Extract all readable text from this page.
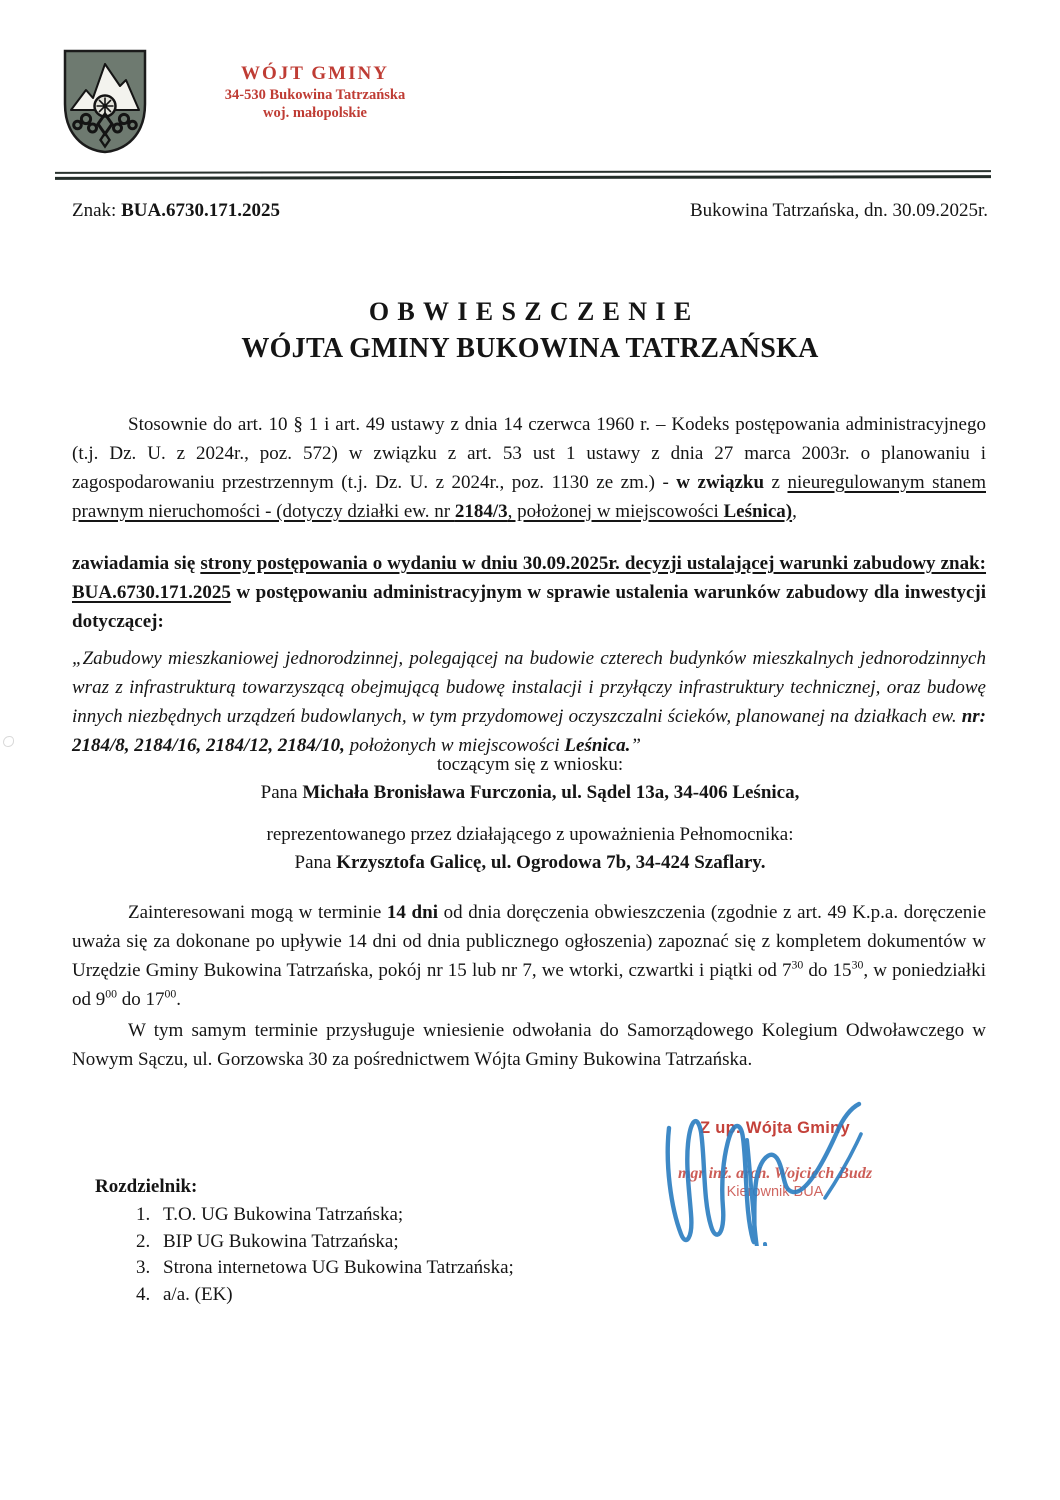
WÓJT GMINY
34-530 Bukowina Tatrzańska
woj. małopolskie
Znak: BUA.6730.171.2025	Bukowina Tatrzańska, dn. 30.09.2025r.
OBWIESZCZENIE
WÓJTA GMINY BUKOWINA TATRZAŃSKA
Stosownie do art. 10 § 1 i art. 49 ustawy z dnia 14 czerwca 1960 r. – Kodeks postępowania administracyjnego (t.j. Dz. U. z 2024r., poz. 572) w związku z art. 53 ust 1 ustawy z dnia 27 marca 2003r. o planowaniu i zagospodarowaniu przestrzennym (t.j. Dz. U. z 2024r., poz. 1130 ze zm.) - w związku z nieuregulowanym stanem prawnym nieruchomości - (dotyczy działki ew. nr 2184/3, położonej w miejscowości Leśnica),
zawiadamia się strony postępowania o wydaniu w dniu 30.09.2025r. decyzji ustalającej warunki zabudowy znak: BUA.6730.171.2025 w postępowaniu administracyjnym w sprawie ustalenia warunków zabudowy dla inwestycji dotyczącej:
„Zabudowy mieszkaniowej jednorodzinnej, polegającej na budowie czterech budynków mieszkalnych jednorodzinnych wraz z infrastrukturą towarzyszącą obejmującą budowę instalacji i przyłączy infrastruktury technicznej, oraz budowę innych niezbędnych urządzeń budowlanych, w tym przydomowej oczyszczalni ścieków, planowanej na działkach ew. nr: 2184/8, 2184/16, 2184/12, 2184/10, położonych w miejscowości Leśnica.”
toczącym się z wniosku:
Pana Michała Bronisława Furczonia, ul. Sądel 13a, 34-406 Leśnica,
reprezentowanego przez działającego z upoważnienia Pełnomocnika:
Pana Krzysztofa Galicę, ul. Ogrodowa 7b, 34-424 Szaflary.
Zainteresowani mogą w terminie 14 dni od dnia doręczenia obwieszczenia (zgodnie z art. 49 K.p.a. doręczenie uważa się za dokonane po upływie 14 dni od dnia publicznego ogłoszenia) zapoznać się z kompletem dokumentów w Urzędzie Gminy Bukowina Tatrzańska, pokój nr 15 lub nr 7, we wtorki, czwartki i piątki od $7^{30}$ do $15^{30}$, w poniedziałki od $9^{00}$ do $17^{00}$.
W tym samym terminie przysługuje wniesienie odwołania do Samorządowego Kolegium Odwoławczego w Nowym Sączu, ul. Gorzowska 30 za pośrednictwem Wójta Gminy Bukowina Tatrzańska.
Z up. Wójta Gminy
mgr inż. arch. Wojciech Budz
Kierownik BUA
Rozdzielnik:
1. T.O. UG Bukowina Tatrzańska;
2. BIP UG Bukowina Tatrzańska;
3. Strona internetowa UG Bukowina Tatrzańska;
4. a/a. (EK)
